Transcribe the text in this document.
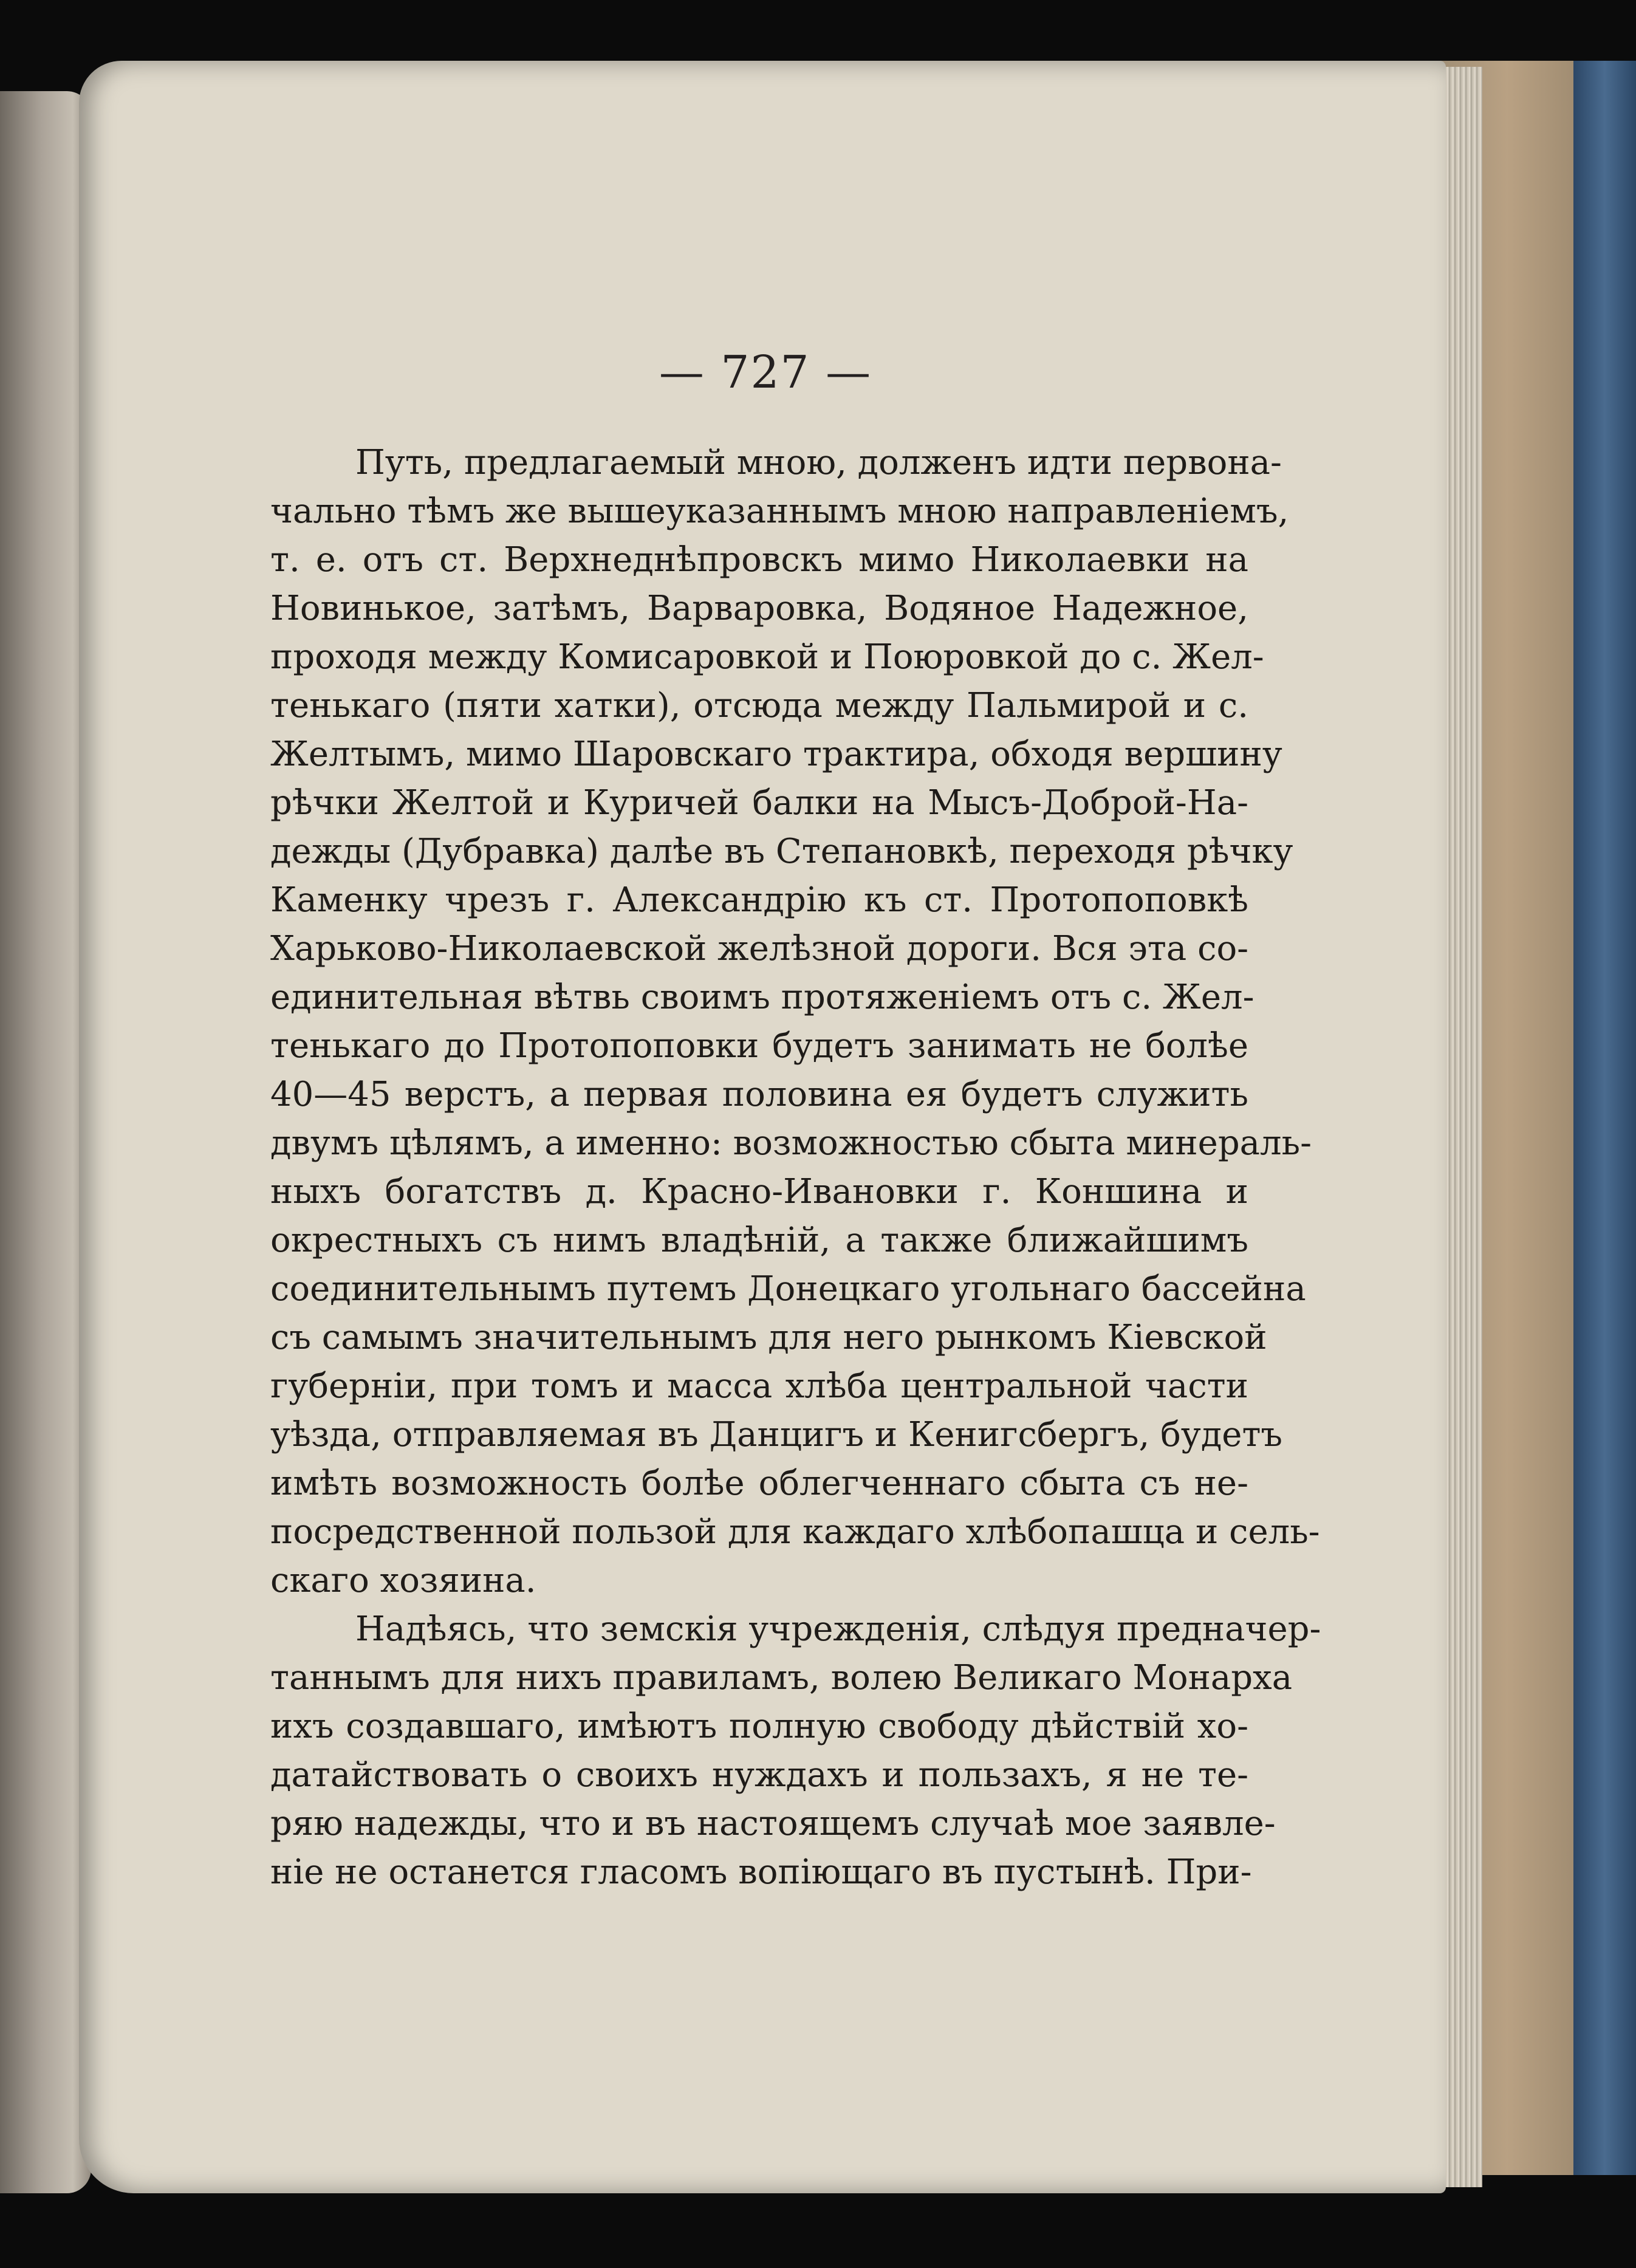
— 727 —
Путь, предлагаемый мною, долженъ идти первона-
чально тѣмъ же вышеуказаннымъ мною направленіемъ,
т. е. отъ ст. Верхнеднѣпровскъ мимо Николаевки на
Новинькое, затѣмъ, Варваровка, Водяное Надежное,
проходя между Комисаровкой и Поюровкой до с. Жел-
тенькаго (пяти хатки), отсюда между Пальмирой и с.
Желтымъ, мимо Шаровскаго трактира, обходя вершину
рѣчки Желтой и Куричей балки на Мысъ-Доброй-На-
дежды (Дубравка) далѣе въ Степановкѣ, переходя рѣчку
Каменку чрезъ г. Александрію къ ст. Протопоповкѣ
Харьково-Николаевской желѣзной дороги. Вся эта со-
единительная вѣтвь своимъ протяженіемъ отъ с. Жел-
тенькаго до Протопоповки будетъ занимать не болѣе
40—45 верстъ, а первая половина ея будетъ служить
двумъ цѣлямъ, а именно: возможностью сбыта минераль-
ныхъ богатствъ д. Красно-Ивановки г. Коншина и
окрестныхъ съ нимъ владѣній, а также ближайшимъ
соединительнымъ путемъ Донецкаго угольнаго бассейна
съ самымъ значительнымъ для него рынкомъ Кіевской
губерніи, при томъ и масса хлѣба центральной части
уѣзда, отправляемая въ Данцигъ и Кенигсбергъ, будетъ
имѣть возможность болѣе облегченнаго сбыта съ не-
посредственной пользой для каждаго хлѣбопашца и сель-
скаго хозяина.
Надѣясь, что земскія учрежденія, слѣдуя предначер-
таннымъ для нихъ правиламъ, волею Великаго Монарха
ихъ создавшаго, имѣютъ полную свободу дѣйствій хо-
датайствовать о своихъ нуждахъ и пользахъ, я не те-
ряю надежды, что и въ настоящемъ случаѣ мое заявле-
ніе не останется гласомъ вопіющаго въ пустынѣ. При-
